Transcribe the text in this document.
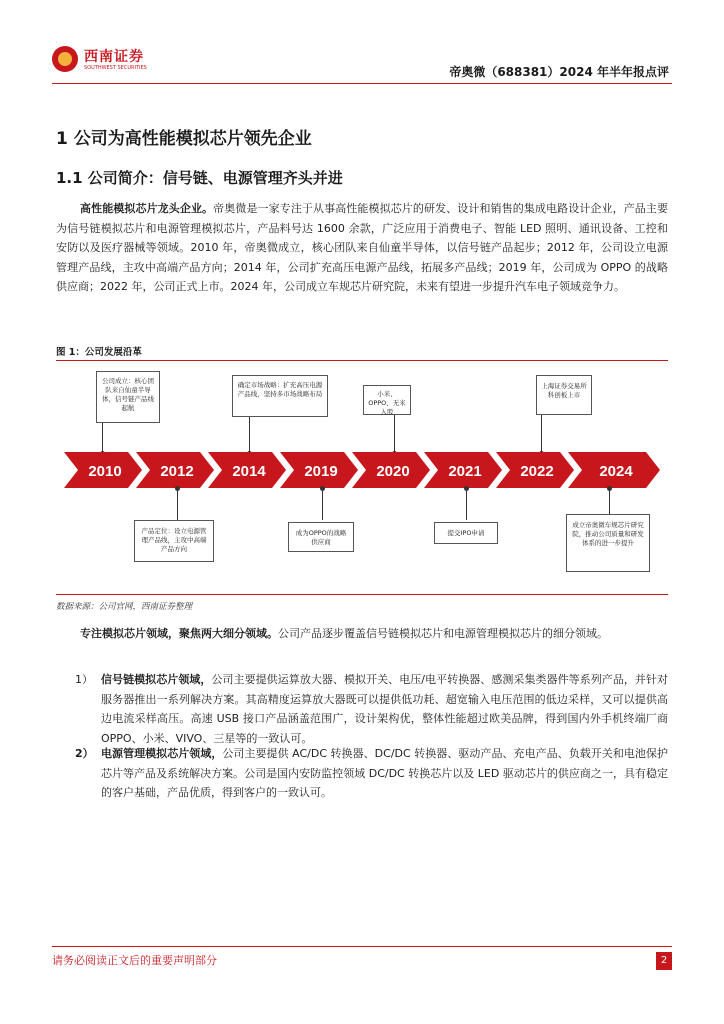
西南证券
SOUTHWEST SECURITIES	帝奥微（688381）2024 年半年报点评
1 公司为高性能模拟芯片领先企业
1.1 公司简介：信号链、电源管理齐头并进
高性能模拟芯片龙头企业。帝奥微是一家专注于从事高性能模拟芯片的研发、设计和销售的集成电路设计企业，产品主要为信号链模拟芯片和电源管理模拟芯片，产品料号达 1600 余款，广泛应用于消费电子、智能 LED 照明、通讯设备、工控和安防以及医疗器械等领域。2010 年，帝奥微成立，核心团队来自仙童半导体，以信号链产品起步；2012 年，公司设立电源管理产品线，主攻中高端产品方向；2014 年，公司扩充高压电源产品线，拓展多产品线；2019 年，公司成为 OPPO 的战略供应商；2022 年，公司正式上市。2024 年，公司成立车规芯片研究院，未来有望进一步提升汽车电子领域竞争力。
图 1：公司发展沿革
公司成立：核心团队来自仙童半导体，信号链产品线起航
确定市场战略：扩充高压电源产品线，坚持多市场战略布局	小米、OPPO、无米入股
上海证券交易所科创板上市
2010	2012	2014	2019	2020	2021	2022	2024
产品定位：设立电源管理产品线，主攻中高端产品方向
成为OPPO的战略供应商
提交IPO申请
成立帝奥微车规芯片研究院，推动公司质量和研发体系的进一步提升
数据来源：公司官网，西南证券整理
专注模拟芯片领域，聚焦两大细分领域。公司产品逐步覆盖信号链模拟芯片和电源管理模拟芯片的细分领域。
1） 信号链模拟芯片领域，公司主要提供运算放大器、模拟开关、电压/电平转换器、感测采集类器件等系列产品，并针对服务器推出一系列解决方案。其高精度运算放大器既可以提供低功耗、超宽输入电压范围的低边采样，又可以提供高边电流采样高压。高速 USB 接口产品涵盖范围广，设计架构优，整体性能超过欧美品牌，得到国内外手机终端厂商 OPPO、小米、VIVO、三星等的一致认可。
2） 电源管理模拟芯片领域，公司主要提供 AC/DC 转换器、DC/DC 转换器、驱动产品、充电产品、负载开关和电池保护芯片等产品及系统解决方案。公司是国内安防监控领域 DC/DC 转换芯片以及 LED 驱动芯片的供应商之一，具有稳定的客户基础，产品优质，得到客户的一致认可。
请务必阅读正文后的重要声明部分	2
